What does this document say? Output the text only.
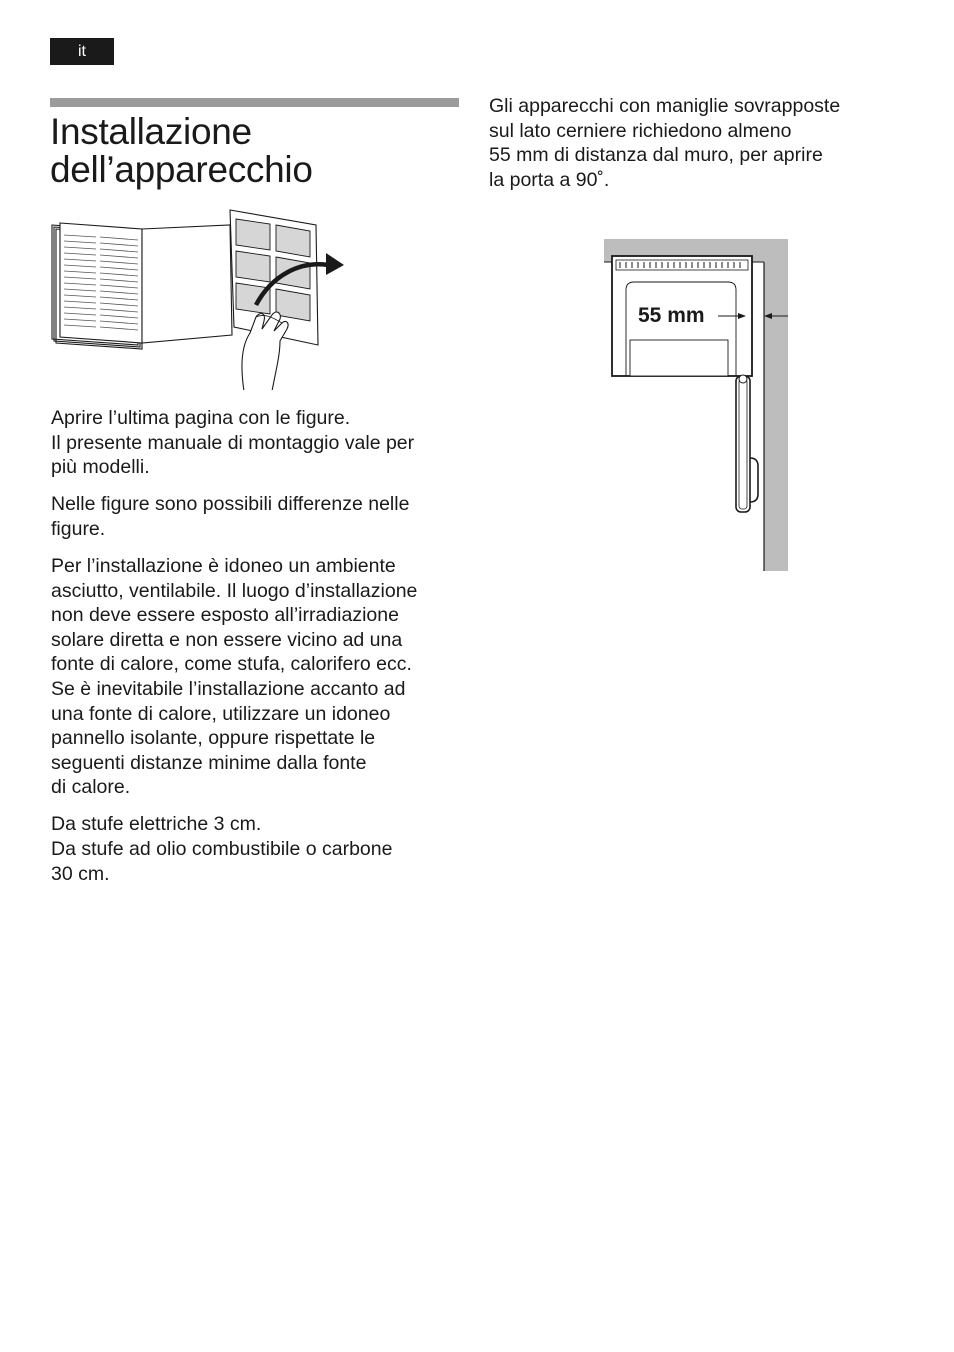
it
Installazione
dell’apparecchio

Aprire l’ultima pagina con le figure.
Il presente manuale di montaggio vale per
più modelli.

Nelle figure sono possibili differenze nelle
figure.

Per l’installazione è idoneo un ambiente
asciutto, ventilabile. Il luogo d’installazione
non deve essere esposto all’irradiazione
solare diretta e non essere vicino ad una
fonte di calore, come stufa, calorifero ecc.
Se è inevitabile l’installazione accanto ad
una fonte di calore, utilizzare un idoneo
pannello isolante, oppure rispettate le
seguenti distanze minime dalla fonte
di calore.

Da stufe elettriche 3 cm.
Da stufe ad olio combustibile o carbone
30 cm.

Gli apparecchi con maniglie sovrapposte
sul lato cerniere richiedono almeno
55 mm di distanza dal muro, per aprire
la porta a 90˚.

55 mm
